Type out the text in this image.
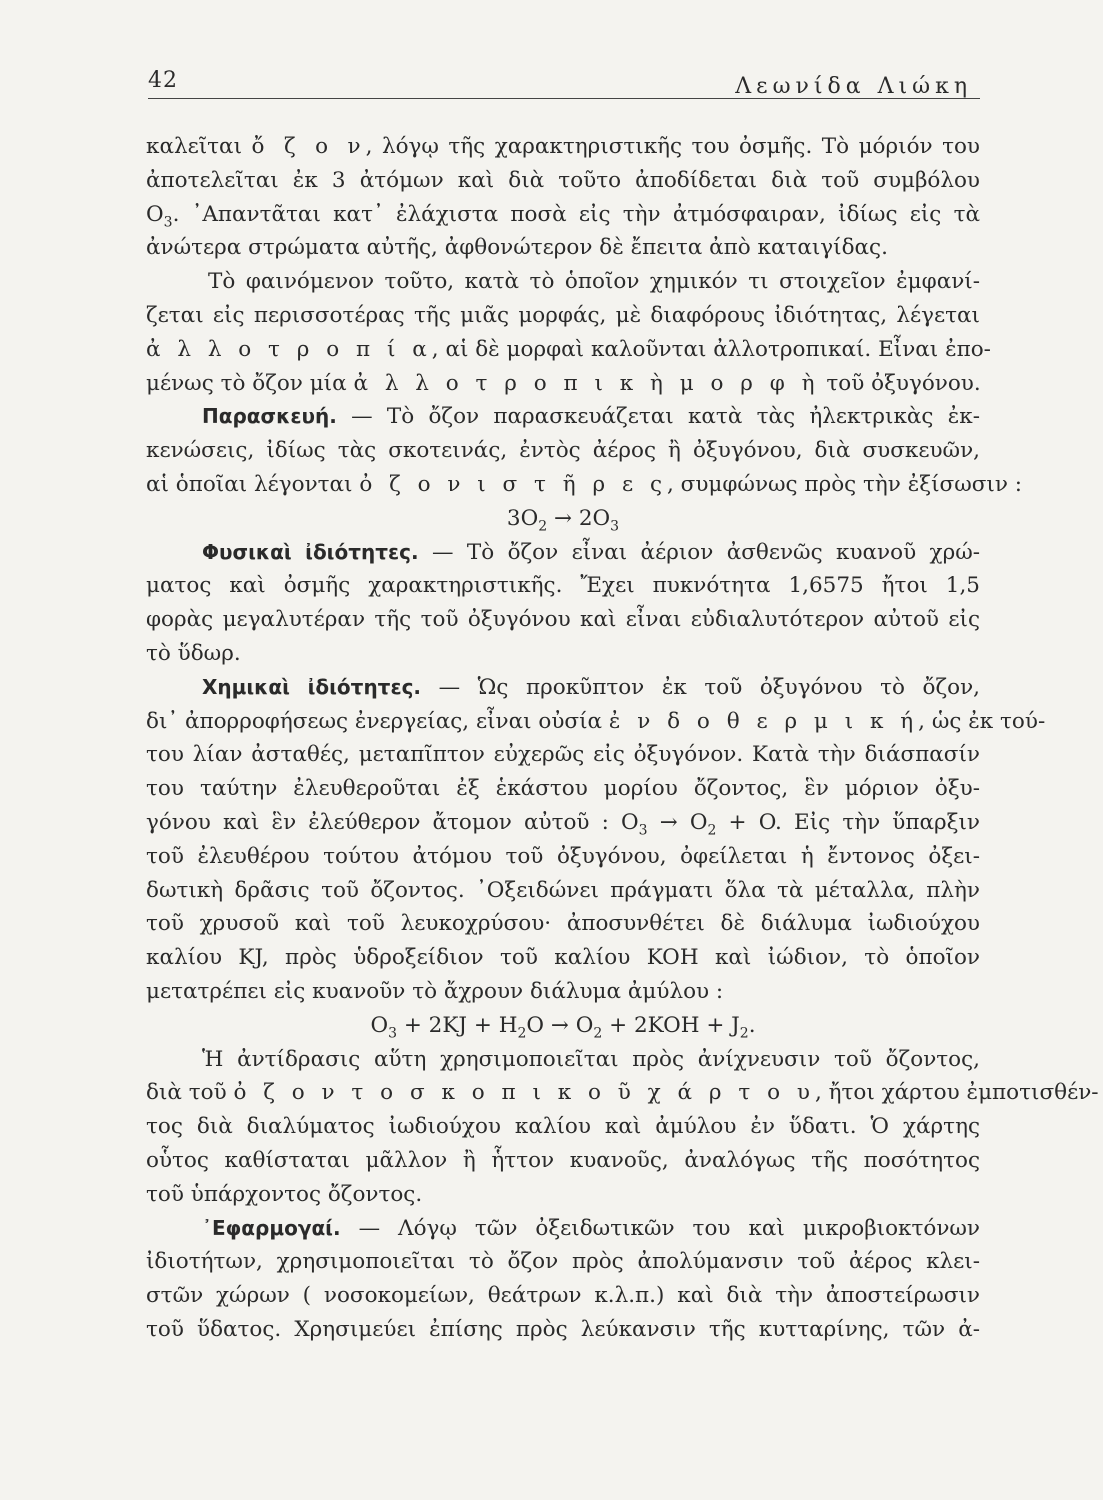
42	Λεωνίδα Λιώκη
καλεῖται ὄ ζ ο ν, λόγῳ τῆς χαρακτηριστικῆς του ὀσμῆς. Τὸ μόριόν του
ἀποτελεῖται ἐκ 3 ἀτόμων καὶ διὰ τοῦτο ἀποδίδεται διὰ τοῦ συμβόλου
$O_3$. ᾿Απαντᾶται κατ᾿ ἐλάχιστα ποσὰ εἰς τὴν ἀτμόσφαιραν, ἰδίως εἰς τὰ
ἀνώτερα στρώματα αὐτῆς, ἀφθονώτερον δὲ ἔπειτα ἀπὸ καταιγίδας.
Τὸ φαινόμενον τοῦτο, κατὰ τὸ ὁποῖον χημικόν τι στοιχεῖον ἐμφανί-
ζεται εἰς περισσοτέρας τῆς μιᾶς μορφάς, μὲ διαφόρους ἰδιότητας, λέγεται
ἀ λ λ ο τ ρ ο π ί α, αἱ δὲ μορφαὶ καλοῦνται ἀλλοτροπικαί. Εἶναι ἐπο-
μένως τὸ ὄζον μία ἀ λ λ ο τ ρ ο π ι κ ὴ μ ο ρ φ ὴ τοῦ ὀξυγόνου.
Παρασκευή. — Τὸ ὄζον παρασκευάζεται κατὰ τὰς ἠλεκτρικὰς ἐκ-
κενώσεις, ἰδίως τὰς σκοτεινάς, ἐντὸς ἀέρος ἢ ὀξυγόνου, διὰ συσκευῶν,
αἱ ὁποῖαι λέγονται ὀ ζ ο ν ι σ τ ῆ ρ ε ς, συμφώνως πρὸς τὴν ἐξίσωσιν :
$3O_2 \to 2O_3$
Φυσικαὶ ἰδιότητες. — Τὸ ὄζον εἶναι ἀέριον ἀσθενῶς κυανοῦ χρώ-
ματος καὶ ὀσμῆς χαρακτηριστικῆς. Ἔχει πυκνότητα 1,6575 ἤτοι 1,5
φορὰς μεγαλυτέραν τῆς τοῦ ὀξυγόνου καὶ εἶναι εὐδιαλυτότερον αὐτοῦ εἰς
τὸ ὕδωρ.
Χημικαὶ ἰδιότητες. — Ὡς προκῦπτον ἐκ τοῦ ὀξυγόνου τὸ ὄζον,
δι᾿ ἀπορροφήσεως ἐνεργείας, εἶναι οὐσία ἐ ν δ ο θ ε ρ μ ι κ ή, ὡς ἐκ τού-
του λίαν ἀσταθές, μεταπῖπτον εὐχερῶς εἰς ὀξυγόνον. Κατὰ τὴν διάσπασίν
του ταύτην ἐλευθεροῦται ἐξ ἑκάστου μορίου ὄζοντος, ἓν μόριον ὀξυ-
γόνου καὶ ἓν ἐλεύθερον ἄτομον αὐτοῦ : $O_3 \to O_2 + O$. Εἰς τὴν ὕπαρξιν
τοῦ ἐλευθέρου τούτου ἀτόμου τοῦ ὀξυγόνου, ὀφείλεται ἡ ἔντονος ὀξει-
δωτικὴ δρᾶσις τοῦ ὄζοντος. ᾿Οξειδώνει πράγματι ὅλα τὰ μέταλλα, πλὴν
τοῦ χρυσοῦ καὶ τοῦ λευκοχρύσου· ἀποσυνθέτει δὲ διάλυμα ἰωδιούχου
καλίου KJ, πρὸς ὑδροξείδιον τοῦ καλίου KOH καὶ ἰώδιον, τὸ ὁποῖον
μετατρέπει εἰς κυανοῦν τὸ ἄχρουν διάλυμα ἀμύλου :
$O_3 + 2KJ + H_2O \to O_2 + 2KOH + J_2$.
Ἡ ἀντίδρασις αὕτη χρησιμοποιεῖται πρὸς ἀνίχνευσιν τοῦ ὄζοντος,
διὰ τοῦ ὀ ζ ο ν τ ο σ κ ο π ι κ ο ῦ χ ά ρ τ ο υ, ἤτοι χάρτου ἐμποτισθέν-
τος διὰ διαλύματος ἰωδιούχου καλίου καὶ ἀμύλου ἐν ὕδατι. Ὁ χάρτης
οὗτος καθίσταται μᾶλλον ἢ ἧττον κυανοῦς, ἀναλόγως τῆς ποσότητος
τοῦ ὑπάρχοντος ὄζοντος.
᾿Εφαρμογαί. — Λόγῳ τῶν ὀξειδωτικῶν του καὶ μικροβιοκτόνων
ἰδιοτήτων, χρησιμοποιεῖται τὸ ὄζον πρὸς ἀπολύμανσιν τοῦ ἀέρος κλει-
στῶν χώρων ( νοσοκομείων, θεάτρων κ.λ.π.) καὶ διὰ τὴν ἀποστείρωσιν
τοῦ ὕδατος. Χρησιμεύει ἐπίσης πρὸς λεύκανσιν τῆς κυτταρίνης, τῶν ἀ-
